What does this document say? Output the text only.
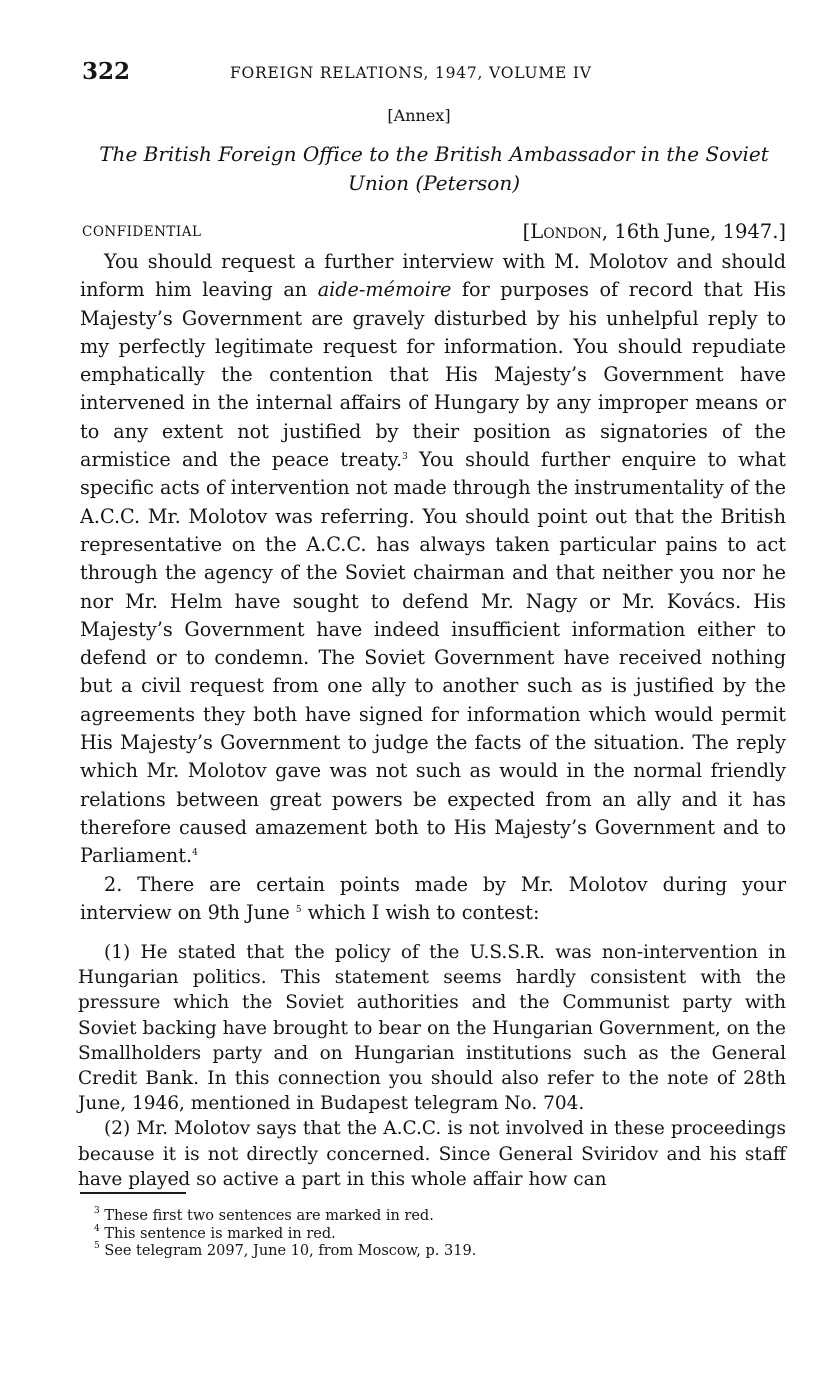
322	FOREIGN RELATIONS, 1947, VOLUME IV
[Annex]
The British Foreign Office to the British Ambassador in the Soviet Union (Peterson)
CONFIDENTIAL	[London, 16th June, 1947.]

You should request a further interview with M. Molotov and should inform him leaving an aide-mémoire for purposes of record that His Majesty’s Government are gravely disturbed by his unhelpful reply to my perfectly legitimate request for information. You should repudiate emphatically the contention that His Majesty’s Government have intervened in the internal affairs of Hungary by any improper means or to any extent not justified by their position as signatories of the armistice and the peace treaty.$^3$ You should further enquire to what specific acts of intervention not made through the instrumentality of the A.C.C. Mr. Molotov was referring. You should point out that the British representative on the A.C.C. has always taken particular pains to act through the agency of the Soviet chairman and that neither you nor he nor Mr. Helm have sought to defend Mr. Nagy or Mr. Kovács. His Majesty’s Government have indeed insufficient information either to defend or to condemn. The Soviet Government have received nothing but a civil request from one ally to another such as is justified by the agreements they both have signed for information which would permit His Majesty’s Government to judge the facts of the situation. The reply which Mr. Molotov gave was not such as would in the normal friendly relations between great powers be expected from an ally and it has therefore caused amazement both to His Majesty’s Government and to Parliament.$^4$

2. There are certain points made by Mr. Molotov during your interview on 9th June $^5$ which I wish to contest:

(1) He stated that the policy of the U.S.S.R. was non-intervention in Hungarian politics. This statement seems hardly consistent with the pressure which the Soviet authorities and the Communist party with Soviet backing have brought to bear on the Hungarian Government, on the Smallholders party and on Hungarian institutions such as the General Credit Bank. In this connection you should also refer to the note of 28th June, 1946, mentioned in Budapest telegram No. 704.

(2) Mr. Molotov says that the A.C.C. is not involved in these proceedings because it is not directly concerned. Since General Sviridov and his staff have played so active a part in this whole affair how can

$^3$ These first two sentences are marked in red.

$^4$ This sentence is marked in red.

$^5$ See telegram 2097, June 10, from Moscow, p. 319.
